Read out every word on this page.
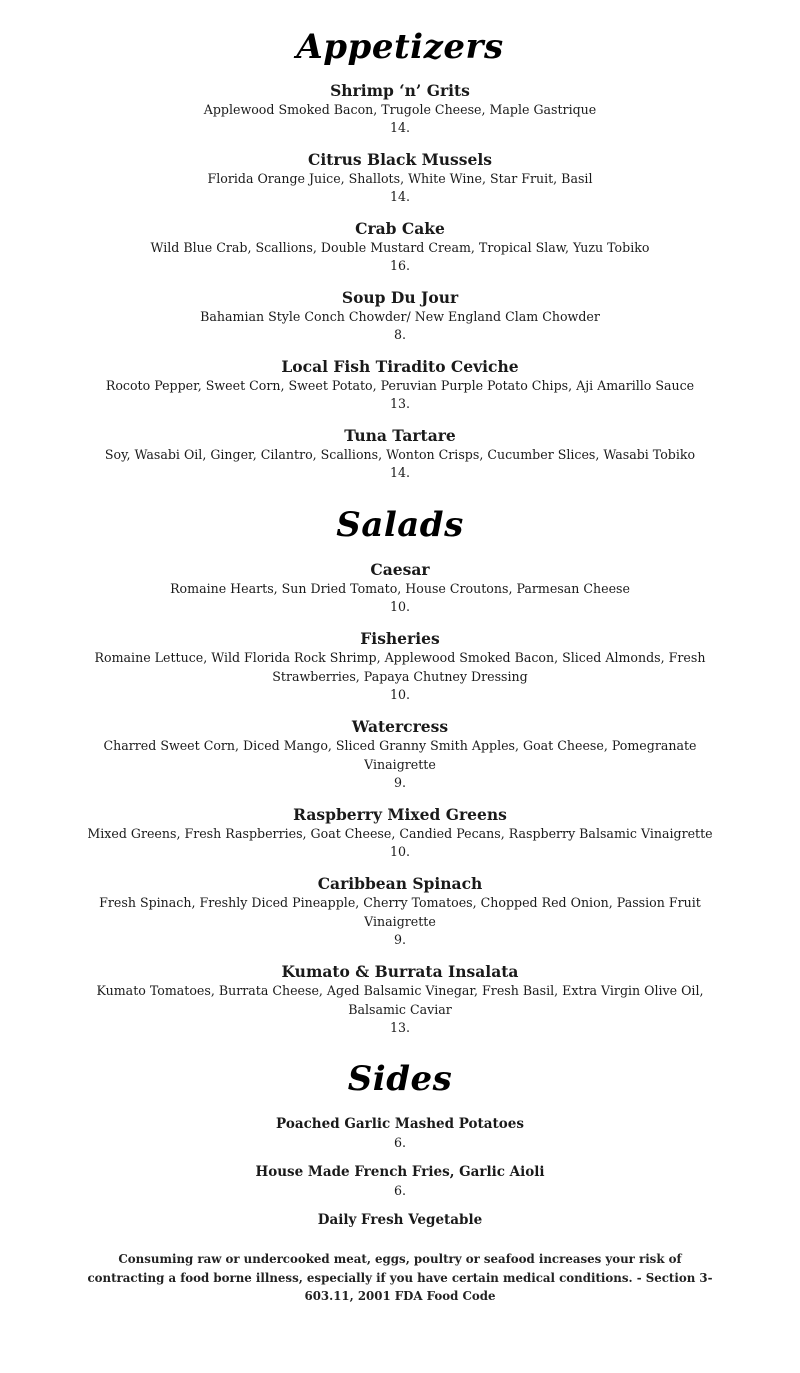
Appetizers

Shrimp ‘n’ Grits

Applewood Smoked Bacon, Trugole Cheese, Maple Gastrique

14.

Citrus Black Mussels

Florida Orange Juice, Shallots, White Wine, Star Fruit, Basil

14.

Crab Cake

Wild Blue Crab, Scallions, Double Mustard Cream, Tropical Slaw, Yuzu Tobiko

16.

Soup Du Jour

Bahamian Style Conch Chowder/ New England Clam Chowder

8.

Local Fish Tiradito Ceviche

Rocoto Pepper, Sweet Corn, Sweet Potato, Peruvian Purple Potato Chips, Aji Amarillo Sauce

13.

Tuna Tartare

Soy, Wasabi Oil, Ginger, Cilantro, Scallions, Wonton Crisps, Cucumber Slices, Wasabi Tobiko

14.

Salads

Caesar

Romaine Hearts, Sun Dried Tomato, House Croutons, Parmesan Cheese

10.

Fisheries

Romaine Lettuce, Wild Florida Rock Shrimp, Applewood Smoked Bacon, Sliced Almonds, Fresh Strawberries, Papaya Chutney Dressing

10.

Watercress

Charred Sweet Corn, Diced Mango, Sliced Granny Smith Apples, Goat Cheese, Pomegranate Vinaigrette

9.

Raspberry Mixed Greens

Mixed Greens, Fresh Raspberries, Goat Cheese, Candied Pecans, Raspberry Balsamic Vinaigrette

10.

Caribbean Spinach

Fresh Spinach, Freshly Diced Pineapple, Cherry Tomatoes, Chopped Red Onion, Passion Fruit Vinaigrette

9.

Kumato & Burrata Insalata

Kumato Tomatoes, Burrata Cheese, Aged Balsamic Vinegar, Fresh Basil, Extra Virgin Olive Oil, Balsamic Caviar

13.

Sides

Poached Garlic Mashed Potatoes

6.

House Made French Fries, Garlic Aioli

6.

Daily Fresh Vegetable

Consuming raw or undercooked meat, eggs, poultry or seafood increases your risk of contracting a food borne illness, especially if you have certain medical conditions. - Section 3-603.11, 2001 FDA Food Code
